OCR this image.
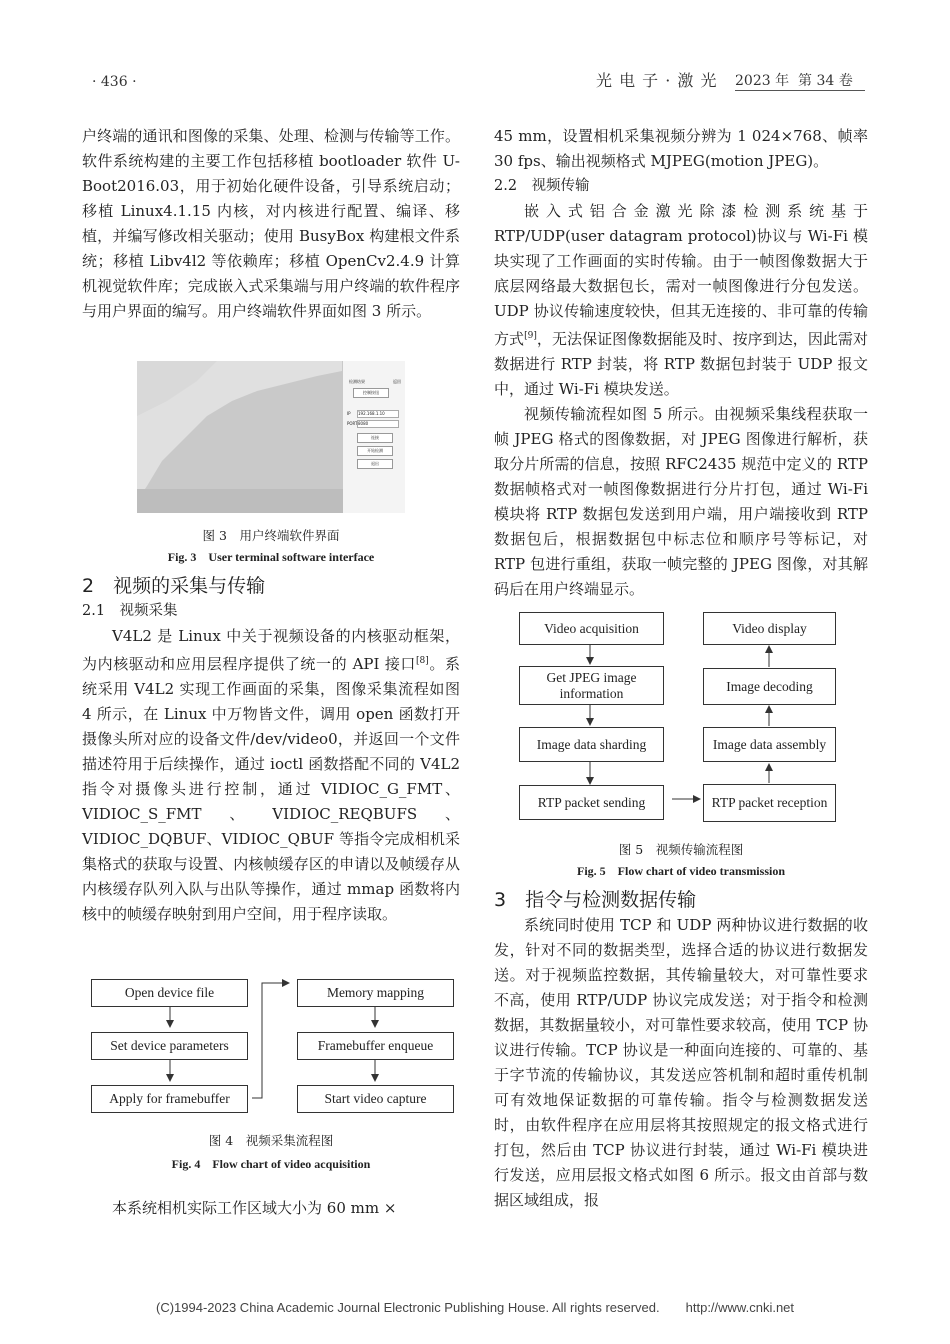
· 436 ·	光 电 子 · 激 光 2023 年 第 34 卷

户终端的通讯和图像的采集、处理、检测与传输等工作。软件系统构建的主要工作包括移植 bootloader 软件 U-Boot2016.03，用于初始化硬件设备，引导系统启动；移植 Linux4.1.15 内核，对内核进行配置、编译、移植，并编写修改相关驱动；使用 BusyBox 构建根文件系统；移植 Libv4l2 等依赖库；移植 OpenCv2.4.9 计算机视觉软件库；完成嵌入式采集端与用户终端的软件程序与用户界面的编写。用户终端软件界面如图 3 所示。

检测结果	返回
控制按钮
IP 192.168.1.10
PORT 8080
连接
开始检测
退出
图 3　用户终端软件界面
Fig. 3　User terminal software interface

2　视频的采集与传输

2.1　视频采集

V4L2 是 Linux 中关于视频设备的内核驱动框架，为内核驱动和应用层程序提供了统一的 API 接口[8]。系统采用 V4L2 实现工作画面的采集，图像采集流程如图 4 所示，在 Linux 中万物皆文件，调用 open 函数打开摄像头所对应的设备文件/dev/video0，并返回一个文件描述符用于后续操作，通过 ioctl 函数搭配不同的 V4L2 指令对摄像头进行控制，通过 VIDIOC_G_FMT、VIDIOC_S_FMT、VIDIOC_REQBUFS、VIDIOC_DQBUF、VIDIOC_QBUF 等指令完成相机采集格式的获取与设置、内核帧缓存区的申请以及帧缓存从内核缓存队列入队与出队等操作，通过 mmap 函数将内核中的帧缓存映射到用户空间，用于程序读取。

Open device file
Set device parameters
Apply for framebuffer
Memory mapping
Framebuffer enqueue
Start video capture
图 4　视频采集流程图
Fig. 4　Flow chart of video acquisition
本系统相机实际工作区域大小为 60 mm ×

45 mm，设置相机采集视频分辨为 1 024×768、帧率 30 fps、输出视频格式 MJPEG(motion JPEG)。

2.2　视频传输

嵌入式铝合金激光除漆检测系统基于 RTP/UDP(user datagram protocol)协议与 Wi-Fi 模块实现了工作画面的实时传输。由于一帧图像数据大于底层网络最大数据包长，需对一帧图像进行分包发送。UDP 协议传输速度较快，但其无连接的、非可靠的传输方式[9]，无法保证图像数据能及时、按序到达，因此需对数据进行 RTP 封装，将 RTP 数据包封装于 UDP 报文中，通过 Wi-Fi 模块发送。

视频传输流程如图 5 所示。由视频采集线程获取一帧 JPEG 格式的图像数据，对 JPEG 图像进行解析，获取分片所需的信息，按照 RFC2435 规范中定义的 RTP 数据帧格式对一帧图像数据进行分片打包，通过 Wi-Fi 模块将 RTP 数据包发送到用户端，用户端接收到 RTP 数据包后，根据数据包中标志位和顺序号等标记，对 RTP 包进行重组，获取一帧完整的 JPEG 图像，对其解码后在用户终端显示。

Video acquisition
Get JPEG image information
Image data sharding
RTP packet sending
Video display
Image decoding
Image data assembly
RTP packet reception
图 5　视频传输流程图
Fig. 5　Flow chart of video transmission

3　指令与检测数据传输

系统同时使用 TCP 和 UDP 两种协议进行数据的收发，针对不同的数据类型，选择合适的协议进行数据发送。对于视频监控数据，其传输量较大，对可靠性要求不高，使用 RTP/UDP 协议完成发送；对于指令和检测数据，其数据量较小，对可靠性要求较高，使用 TCP 协议进行传输。TCP 协议是一种面向连接的、可靠的、基于字节流的传输协议，其发送应答机制和超时重传机制可有效地保证数据的可靠传输。指令与检测数据发送时，由软件程序在应用层将其按照规定的报文格式进行打包，然后由 TCP 协议进行封装，通过 Wi-Fi 模块进行发送，应用层报文格式如图 6 所示。报文由首部与数据区域组成，报

(C)1994-2023 China Academic Journal Electronic Publishing House. All rights reserved.　　http://www.cnki.net
